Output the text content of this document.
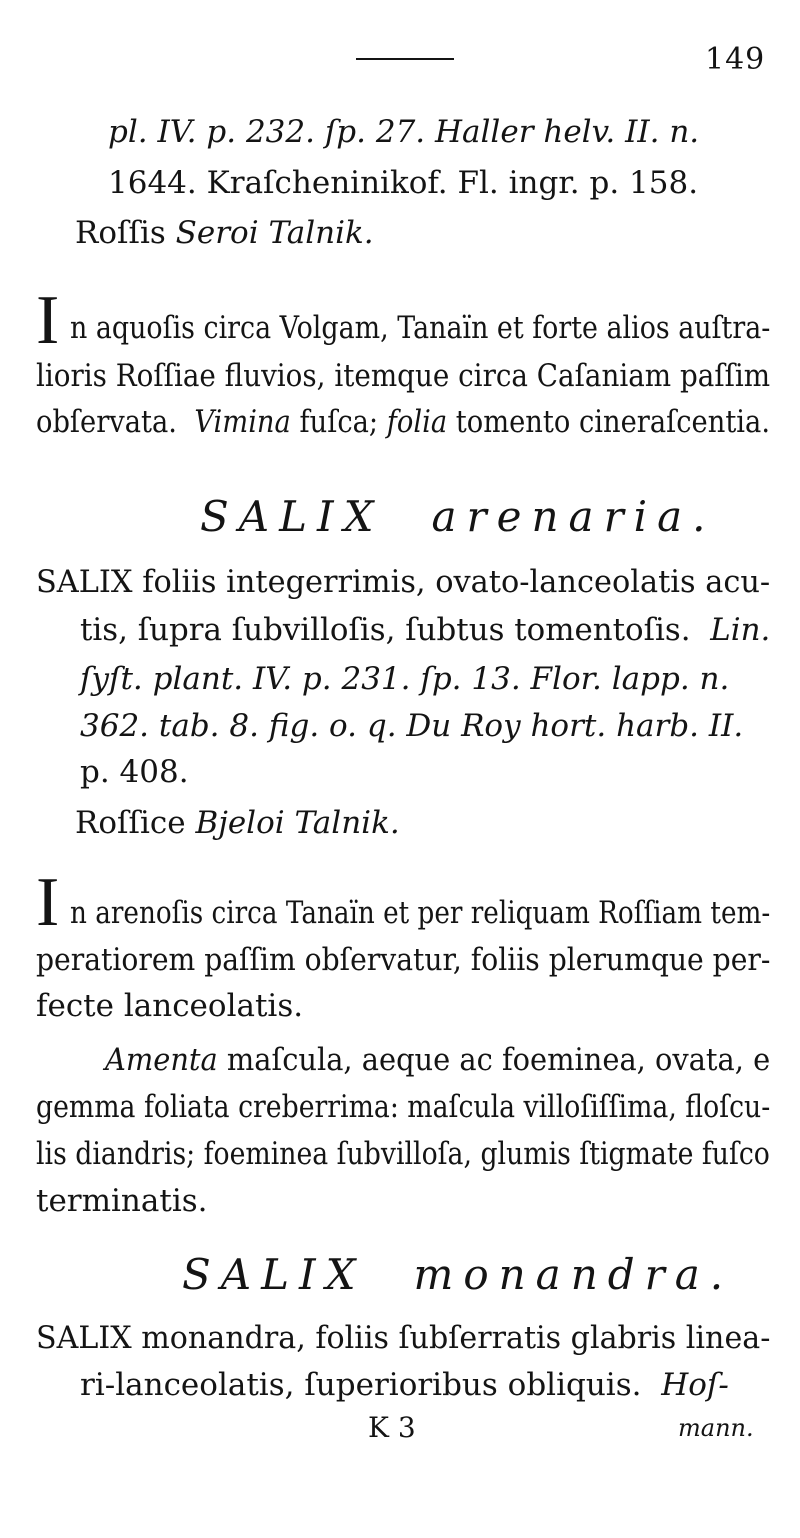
149
pl. IV. p. 232. ſp. 27. Haller helv. II. n.
1644. Kraſcheninikof. Fl. ingr. p. 158.
Roſſis Seroi Talnik.
I n aquoſis circa Volgam, Tanaïn et forte alios auſtra-
lioris Roſſiae fluvios, itemque circa Caſaniam paſſim
obſervata. Vimina fuſca; folia tomento cineraſcentia.
SALIX arenaria.
SALIX foliis integerrimis, ovato-lanceolatis acu-
tis, ſupra ſubvilloſis, ſubtus tomentoſis. Lin.
ſyſt. plant. IV. p. 231. ſp. 13. Flor. lapp. n.
362. tab. 8. fig. o. q. Du Roy hort. harb. II.
p. 408.
Roſſice Bjeloi Talnik.
I n arenoſis circa Tanaïn et per reliquam Roſſiam tem-
peratiorem paſſim obſervatur, foliis plerumque per-
fecte lanceolatis.
Amenta maſcula, aeque ac foeminea, ovata, e
gemma foliata creberrima: maſcula villoſiſſima, floſcu-
lis diandris; foeminea ſubvilloſa, glumis ſtigmate fuſco
terminatis.
SALIX monandra.
SALIX monandra, foliis ſubſerratis glabris linea-
ri-lanceolatis, ſuperioribus obliquis. Hoſ-
K 3	mann.
